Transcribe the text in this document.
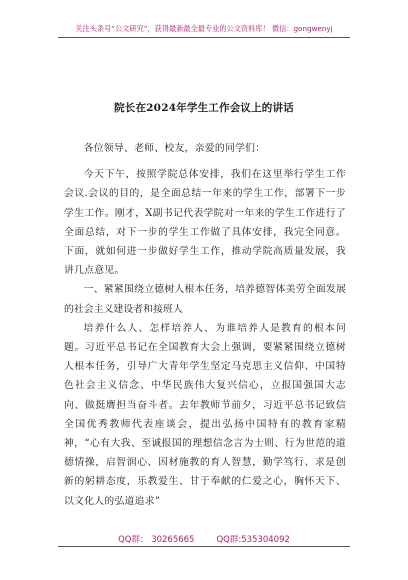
关注头条号“公文研究”，获得最新最全最专业的公文资料库！ 微信：gongwenyj
院长在2024年学生工作会议上的讲话

各位领导、老师、校友，亲爱的同学们：

今天下午，按照学院总体安排，我们在这里举行学生工作会议.会议的目的，是全面总结一年来的学生工作，部署下一步学生工作。刚才，X副书记代表学院对一年来的学生工作进行了全面总结，对下一步的学生工作做了具体安排，我完全同意。下面，就如何进一步做好学生工作，推动学院高质量发展，我讲几点意见。

一、紧紧围绕立德树人根本任务，培养德智体美劳全面发展的社会主义建设者和接班人

培养什么人、怎样培养人、为谁培养人是教育的根本问题。习近平总书记在全国教育大会上强调，要紧紧围绕立德树人根本任务，引导广大青年学生坚定马克思主义信仰、中国特色社会主义信念、中华民族伟大复兴信心，立报国强国大志向、做挺膺担当奋斗者。去年教师节前夕，习近平总书记致信全国优秀教师代表座谈会，提出弘扬中国特有的教育家精神，“心有大我、至诚报国的理想信念言为士则、行为世范的道德情操，启智润心、因材施教的育人智慧，勤学笃行、求是创新的躬耕态度，乐教爱生、甘于奉献的仁爱之心，胸怀天下、以文化人的弘道追求”

QQ群： 30265665	QQ群:535304092
